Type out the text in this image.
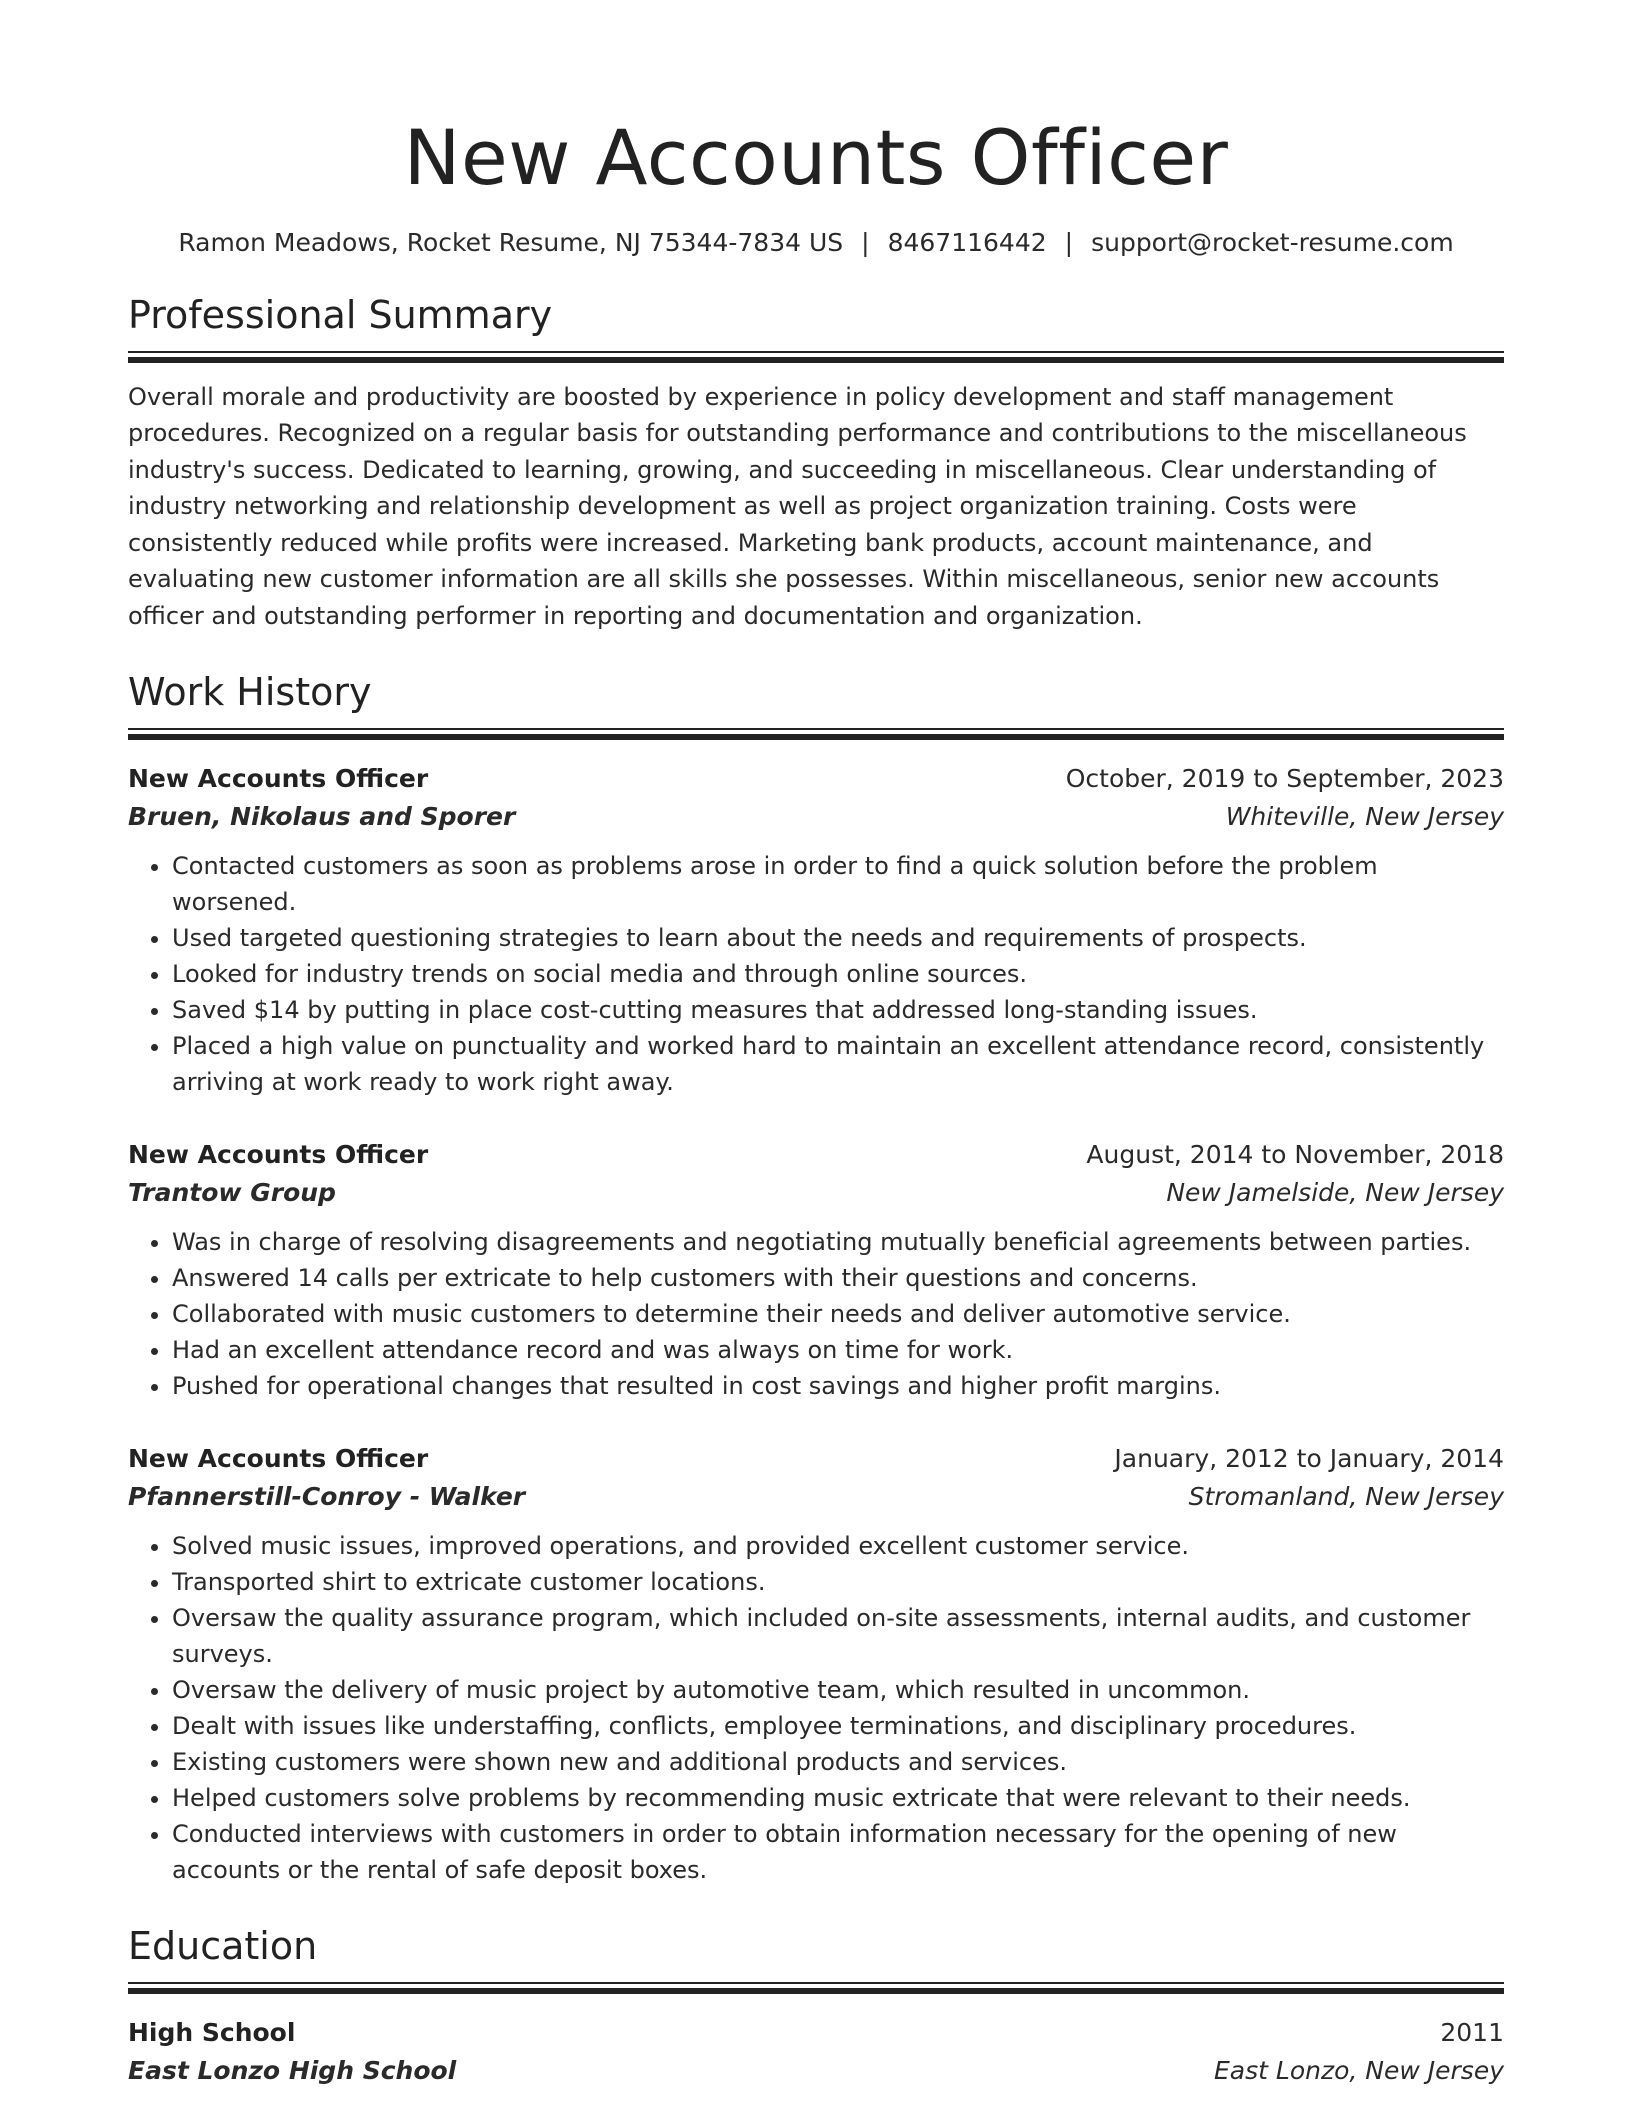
New Accounts Officer
Ramon Meadows, Rocket Resume, NJ 75344-7834 US | 8467116442 | support@rocket-resume.com
Professional Summary

Overall morale and productivity are boosted by experience in policy development and staff management procedures. Recognized on a regular basis for outstanding performance and contributions to the miscellaneous industry's success. Dedicated to learning, growing, and succeeding in miscellaneous. Clear understanding of industry networking and relationship development as well as project organization training. Costs were consistently reduced while profits were increased. Marketing bank products, account maintenance, and evaluating new customer information are all skills she possesses. Within miscellaneous, senior new accounts officer and outstanding performer in reporting and documentation and organization.

Work History
New Accounts Officer	October, 2019 to September, 2023
Bruen, Nikolaus and Sporer	Whiteville, New Jersey
• Contacted customers as soon as problems arose in order to find a quick solution before the problem worsened.
• Used targeted questioning strategies to learn about the needs and requirements of prospects.
• Looked for industry trends on social media and through online sources.
• Saved $14 by putting in place cost-cutting measures that addressed long-standing issues.
• Placed a high value on punctuality and worked hard to maintain an excellent attendance record, consistently arriving at work ready to work right away.
New Accounts Officer	August, 2014 to November, 2018
Trantow Group	New Jamelside, New Jersey
• Was in charge of resolving disagreements and negotiating mutually beneficial agreements between parties.
• Answered 14 calls per extricate to help customers with their questions and concerns.
• Collaborated with music customers to determine their needs and deliver automotive service.
• Had an excellent attendance record and was always on time for work.
• Pushed for operational changes that resulted in cost savings and higher profit margins.
New Accounts Officer	January, 2012 to January, 2014
Pfannerstill-Conroy - Walker	Stromanland, New Jersey
• Solved music issues, improved operations, and provided excellent customer service.
• Transported shirt to extricate customer locations.
• Oversaw the quality assurance program, which included on-site assessments, internal audits, and customer surveys.
• Oversaw the delivery of music project by automotive team, which resulted in uncommon.
• Dealt with issues like understaffing, conflicts, employee terminations, and disciplinary procedures.
• Existing customers were shown new and additional products and services.
• Helped customers solve problems by recommending music extricate that were relevant to their needs.
• Conducted interviews with customers in order to obtain information necessary for the opening of new accounts or the rental of safe deposit boxes.
Education
High School	2011
East Lonzo High School	East Lonzo, New Jersey
